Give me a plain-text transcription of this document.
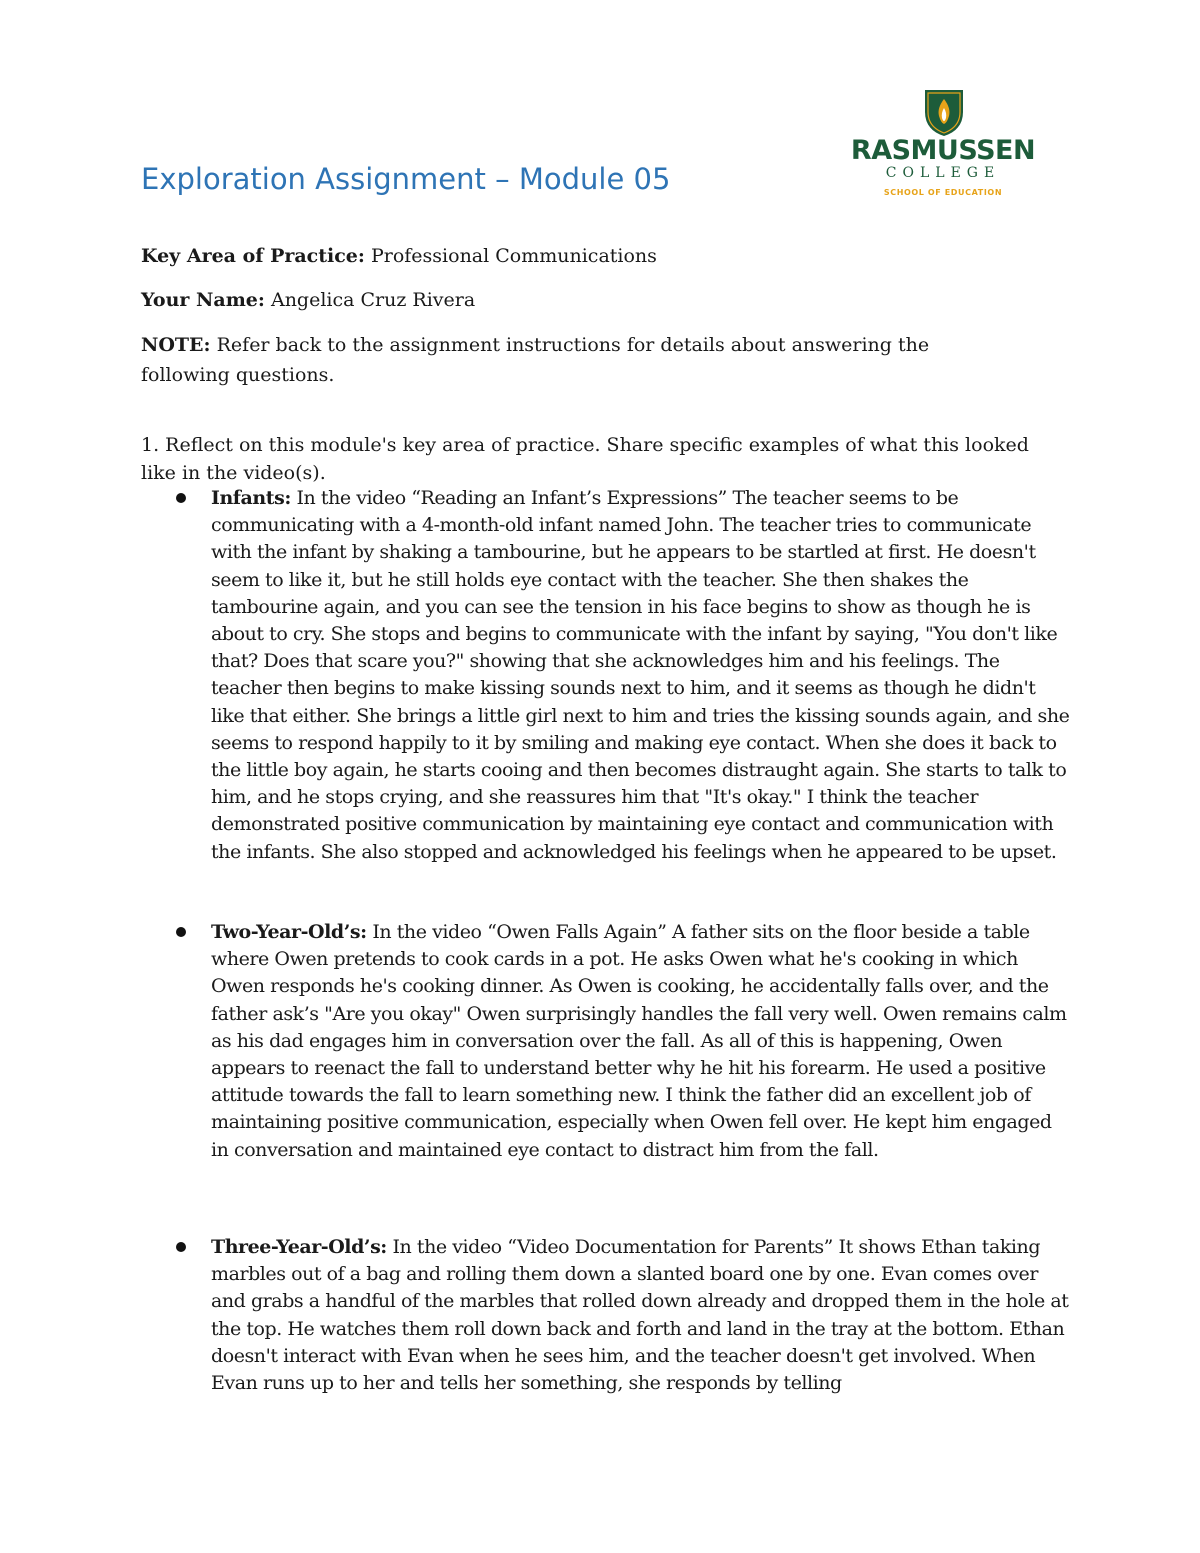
Exploration Assignment – Module 05
RASMUSSEN
COLLEGE
SCHOOL OF EDUCATION

Key Area of Practice: Professional Communications

Your Name: Angelica Cruz Rivera

NOTE: Refer back to the assignment instructions for details about answering the following questions.

1. Reflect on this module's key area of practice. Share specific examples of what this looked like in the video(s).

Infants: In the video “Reading an Infant’s Expressions” The teacher seems to be communicating with a 4-month-old infant named John. The teacher tries to communicate with the infant by shaking a tambourine, but he appears to be startled at first. He doesn't seem to like it, but he still holds eye contact with the teacher. She then shakes the tambourine again, and you can see the tension in his face begins to show as though he is about to cry. She stops and begins to communicate with the infant by saying, "You don't like that? Does that scare you?" showing that she acknowledges him and his feelings. The teacher then begins to make kissing sounds next to him, and it seems as though he didn't like that either. She brings a little girl next to him and tries the kissing sounds again, and she seems to respond happily to it by smiling and making eye contact. When she does it back to the little boy again, he starts cooing and then becomes distraught again. She starts to talk to him, and he stops crying, and she reassures him that "It's okay." I think the teacher demonstrated positive communication by maintaining eye contact and communication with the infants. She also stopped and acknowledged his feelings when he appeared to be upset.

Two-Year-Old’s: In the video “Owen Falls Again” A father sits on the floor beside a table where Owen pretends to cook cards in a pot. He asks Owen what he's cooking in which Owen responds he's cooking dinner. As Owen is cooking, he accidentally falls over, and the father ask’s "Are you okay" Owen surprisingly handles the fall very well. Owen remains calm as his dad engages him in conversation over the fall. As all of this is happening, Owen appears to reenact the fall to understand better why he hit his forearm. He used a positive attitude towards the fall to learn something new. I think the father did an excellent job of maintaining positive communication, especially when Owen fell over. He kept him engaged in conversation and maintained eye contact to distract him from the fall.

Three-Year-Old’s: In the video “Video Documentation for Parents” It shows Ethan taking marbles out of a bag and rolling them down a slanted board one by one. Evan comes over and grabs a handful of the marbles that rolled down already and dropped them in the hole at the top. He watches them roll down back and forth and land in the tray at the bottom. Ethan doesn't interact with Evan when he sees him, and the teacher doesn't get involved. When Evan runs up to her and tells her something, she responds by telling
